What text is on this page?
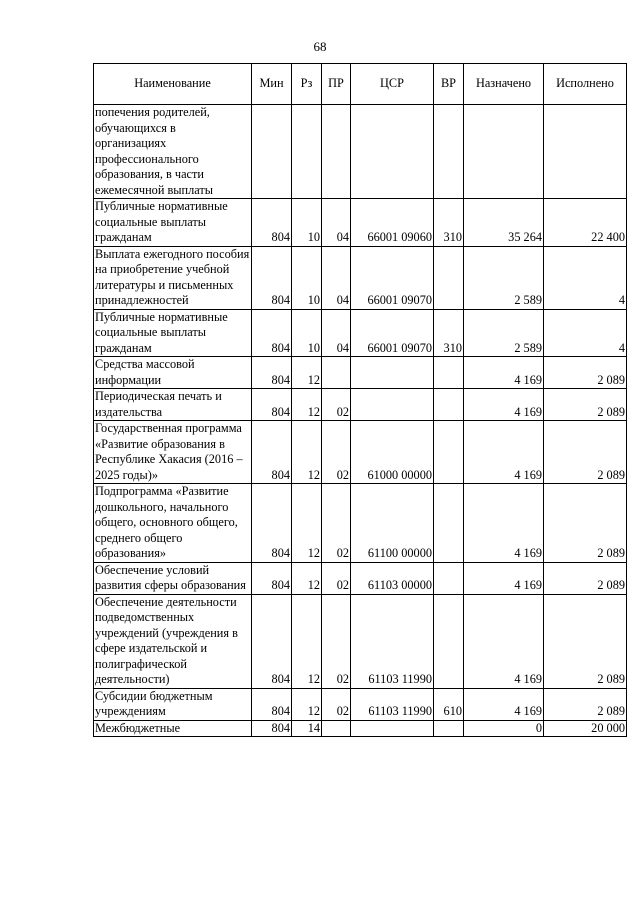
68
Наименование	Мин	Рз	ПР	ЦСР	ВР	Назначено	Исполнено
попечения родителей, обучающихся в организациях профессионального образования, в части ежемесячной выплаты							
Публичные нормативные социальные выплаты гражданам	804	10	04	66001 09060	310	35 264	22 400
Выплата ежегодного пособия на приобретение учебной литературы и письменных принадлежностей	804	10	04	66001 09070		2 589	4
Публичные нормативные социальные выплаты гражданам	804	10	04	66001 09070	310	2 589	4
Средства массовой информации	804	12				4 169	2 089
Периодическая печать и издательства	804	12	02			4 169	2 089
Государственная программа «Развитие образования в Республике Хакасия (2016 – 2025 годы)»	804	12	02	61000 00000		4 169	2 089
Подпрограмма «Развитие дошкольного, начального общего, основного общего, среднего общего образования»	804	12	02	61100 00000		4 169	2 089
Обеспечение условий развития сферы образования	804	12	02	61103 00000		4 169	2 089
Обеспечение деятельности подведомственных учреждений (учреждения в сфере издательской и полиграфической деятельности)	804	12	02	61103 11990		4 169	2 089
Субсидии бюджетным учреждениям	804	12	02	61103 11990	610	4 169	2 089
Межбюджетные	804	14				0	20 000
